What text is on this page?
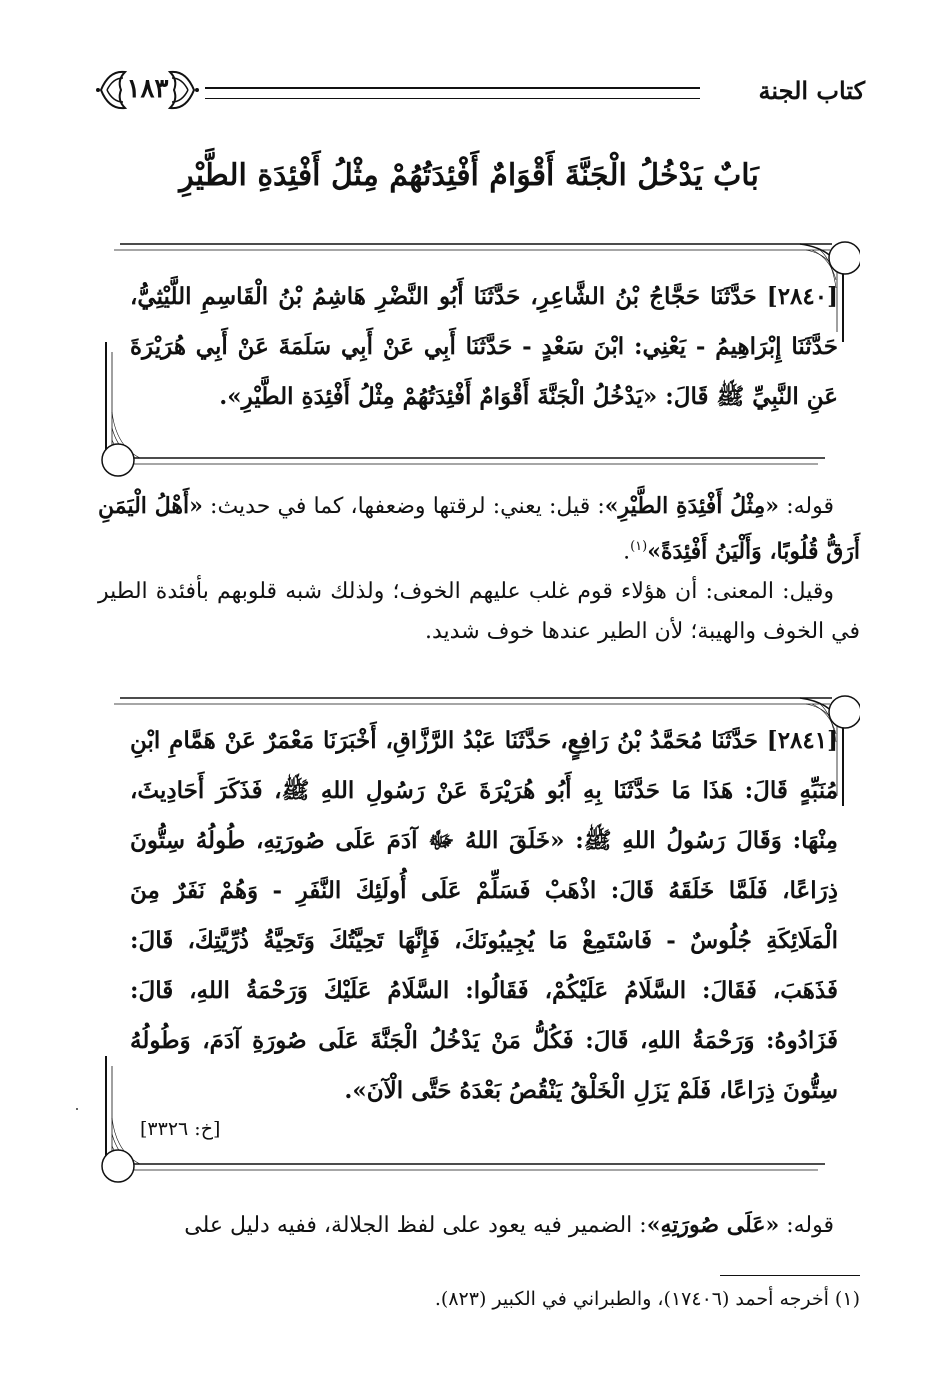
كتاب الجنة
١٨٣
بَابٌ يَدْخُلُ الْجَنَّةَ أَقْوَامٌ أَفْئِدَتُهُمْ مِثْلُ أَفْئِدَةِ الطَّيْرِ
[٢٨٤٠] حَدَّثَنَا حَجَّاجُ بْنُ الشَّاعِرِ، حَدَّثَنَا أَبُو النَّضْرِ هَاشِمُ بْنُ الْقَاسِمِ اللَّيْثِيُّ، حَدَّثَنَا إِبْرَاهِيمُ - يَعْنِي: ابْنَ سَعْدٍ - حَدَّثَنَا أَبِي عَنْ أَبِي سَلَمَةَ عَنْ أَبِي هُرَيْرَةَ عَنِ النَّبِيِّ ﷺ قَالَ: «يَدْخُلُ الْجَنَّةَ أَقْوَامٌ أَفْئِدَتُهُمْ مِثْلُ أَفْئِدَةِ الطَّيْرِ».

قوله: «مِثْلُ أَفْئِدَةِ الطَّيْرِ»: قيل: يعني: لرقتها وضعفها، كما في حديث: «أَهْلُ الْيَمَنِ أَرَقُّ قُلُوبًا، وَأَلْيَنُ أَفْئِدَةً»$^{(١)}$.

وقيل: المعنى: أن هؤلاء قوم غلب عليهم الخوف؛ ولذلك شبه قلوبهم بأفئدة الطير في الخوف والهيبة؛ لأن الطير عندها خوف شديد.

[٢٨٤١] حَدَّثَنَا مُحَمَّدُ بْنُ رَافِعٍ، حَدَّثَنَا عَبْدُ الرَّزَّاقِ، أَخْبَرَنَا مَعْمَرٌ عَنْ هَمَّامِ ابْنِ مُنَبِّهٍ قَالَ: هَذَا مَا حَدَّثَنَا بِهِ أَبُو هُرَيْرَةَ عَنْ رَسُولِ اللهِ ﷺ، فَذَكَرَ أَحَادِيثَ، مِنْهَا: وَقَالَ رَسُولُ اللهِ ﷺ: «خَلَقَ اللهُ ﷻ آدَمَ عَلَى صُورَتِهِ، طُولُهُ سِتُّونَ ذِرَاعًا، فَلَمَّا خَلَقَهُ قَالَ: اذْهَبْ فَسَلِّمْ عَلَى أُولَئِكَ النَّفَرِ - وَهُمْ نَفَرٌ مِنَ الْمَلَائِكَةِ جُلُوسٌ - فَاسْتَمِعْ مَا يُجِيبُونَكَ، فَإِنَّهَا تَحِيَّتُكَ وَتَحِيَّةُ ذُرِّيَّتِكَ، قَالَ: فَذَهَبَ، فَقَالَ: السَّلَامُ عَلَيْكُمْ، فَقَالُوا: السَّلَامُ عَلَيْكَ وَرَحْمَةُ اللهِ، قَالَ: فَزَادُوهُ: وَرَحْمَةُ اللهِ، قَالَ: فَكُلُّ مَنْ يَدْخُلُ الْجَنَّةَ عَلَى صُورَةِ آدَمَ، وَطُولُهُ سِتُّونَ ذِرَاعًا، فَلَمْ يَزَلِ الْخَلْقُ يَنْقُصُ بَعْدَهُ حَتَّى الْآنَ».
[خ: ٣٣٢٦]

قوله: «عَلَى صُورَتِهِ»: الضمير فيه يعود على لفظ الجلالة، ففيه دليل على

(١) أخرجه أحمد (١٧٤٠٦)، والطبراني في الكبير (٨٢٣).
